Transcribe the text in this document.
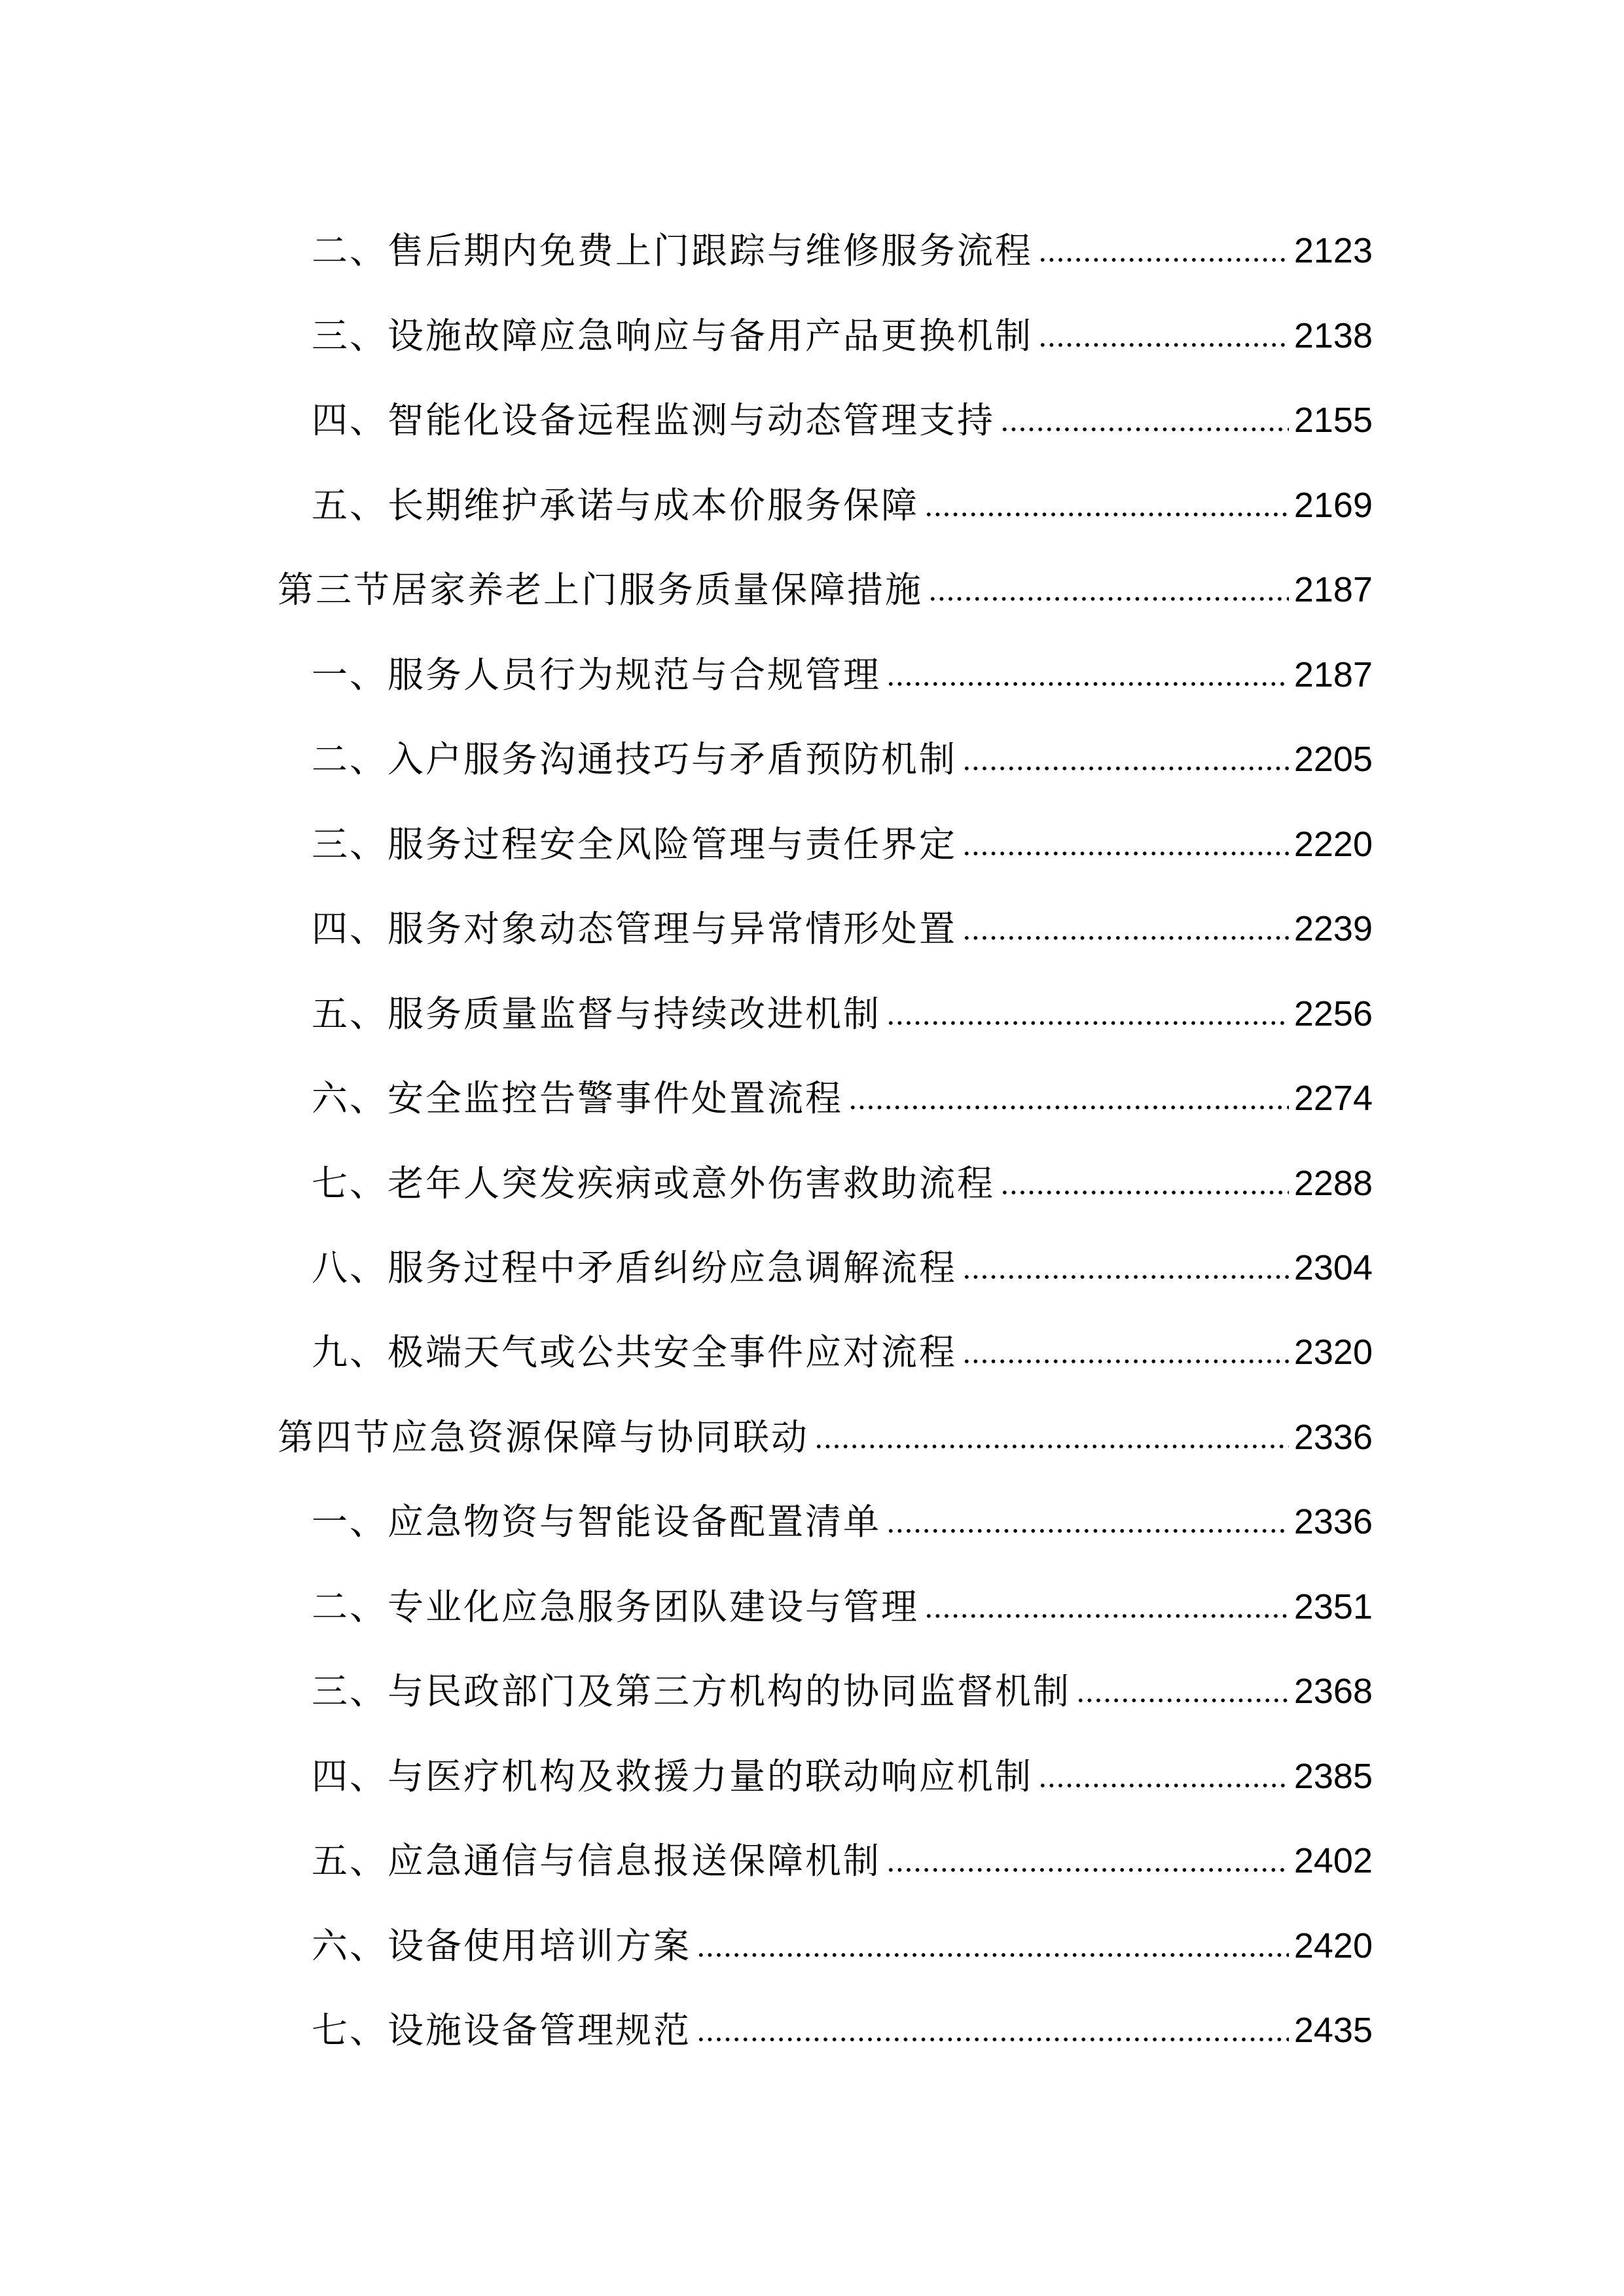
二、售后期内免费上门跟踪与维修服务流程	2123
三、设施故障应急响应与备用产品更换机制	2138
四、智能化设备远程监测与动态管理支持	2155
五、长期维护承诺与成本价服务保障	2169
第三节居家养老上门服务质量保障措施	2187
一、服务人员行为规范与合规管理	2187
二、入户服务沟通技巧与矛盾预防机制	2205
三、服务过程安全风险管理与责任界定	2220
四、服务对象动态管理与异常情形处置	2239
五、服务质量监督与持续改进机制	2256
六、安全监控告警事件处置流程	2274
七、老年人突发疾病或意外伤害救助流程	2288
八、服务过程中矛盾纠纷应急调解流程	2304
九、极端天气或公共安全事件应对流程	2320
第四节应急资源保障与协同联动	2336
一、应急物资与智能设备配置清单	2336
二、专业化应急服务团队建设与管理	2351
三、与民政部门及第三方机构的协同监督机制	2368
四、与医疗机构及救援力量的联动响应机制	2385
五、应急通信与信息报送保障机制	2402
六、设备使用培训方案	2420
七、设施设备管理规范	2435
